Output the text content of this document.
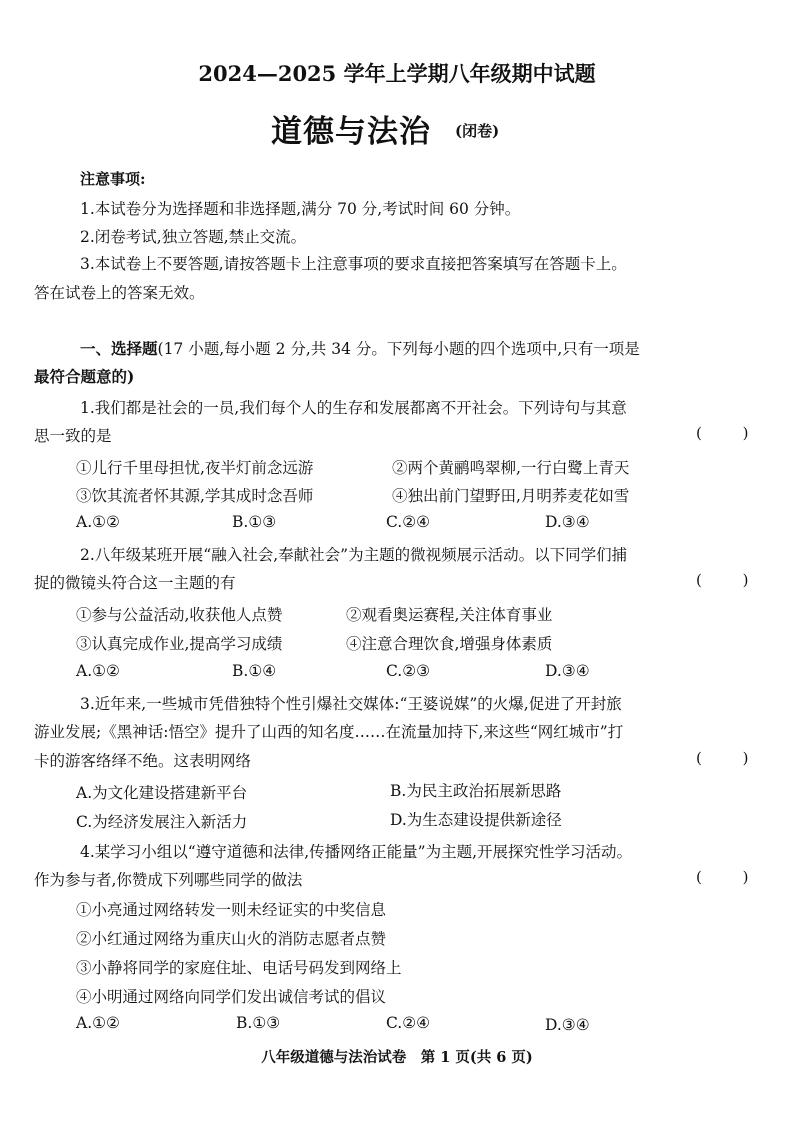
2024—2025 学年上学期八年级期中试题
道德与法治 (闭卷)
注意事项:
1.本试卷分为选择题和非选择题,满分 70 分,考试时间 60 分钟。
2.闭卷考试,独立答题,禁止交流。
3.本试卷上不要答题,请按答题卡上注意事项的要求直接把答案填写在答题卡上。
答在试卷上的答案无效。
一、选择题(17 小题,每小题 2 分,共 34 分。下列每小题的四个选项中,只有一项是
最符合题意的)
1.我们都是社会的一员,我们每个人的生存和发展都离不开社会。下列诗句与其意
思一致的是	( )
①儿行千里母担忧,夜半灯前念远游	②两个黄鹂鸣翠柳,一行白鹭上青天
③饮其流者怀其源,学其成时念吾师	④独出前门望野田,月明荞麦花如雪
A.①②	B.①③	C.②④	D.③④
2.八年级某班开展“融入社会,奉献社会”为主题的微视频展示活动。以下同学们捕
捉的微镜头符合这一主题的有	( )
①参与公益活动,收获他人点赞	②观看奥运赛程,关注体育事业
③认真完成作业,提高学习成绩	④注意合理饮食,增强身体素质
A.①②	B.①④	C.②③	D.③④
3.近年来,一些城市凭借独特个性引爆社交媒体:“王婆说媒”的火爆,促进了开封旅
游业发展;《黑神话:悟空》提升了山西的知名度……在流量加持下,来这些“网红城市”打
卡的游客络绎不绝。这表明网络	( )
A.为文化建设搭建新平台	B.为民主政治拓展新思路
C.为经济发展注入新活力	D.为生态建设提供新途径
4.某学习小组以“遵守道德和法律,传播网络正能量”为主题,开展探究性学习活动。
作为参与者,你赞成下列哪些同学的做法	( )
①小亮通过网络转发一则未经证实的中奖信息
②小红通过网络为重庆山火的消防志愿者点赞
③小静将同学的家庭住址、电话号码发到网络上
④小明通过网络向同学们发出诚信考试的倡议
A.①②	B.①③	C.②④	D.③④
八年级道德与法治试卷　第 1 页(共 6 页)
